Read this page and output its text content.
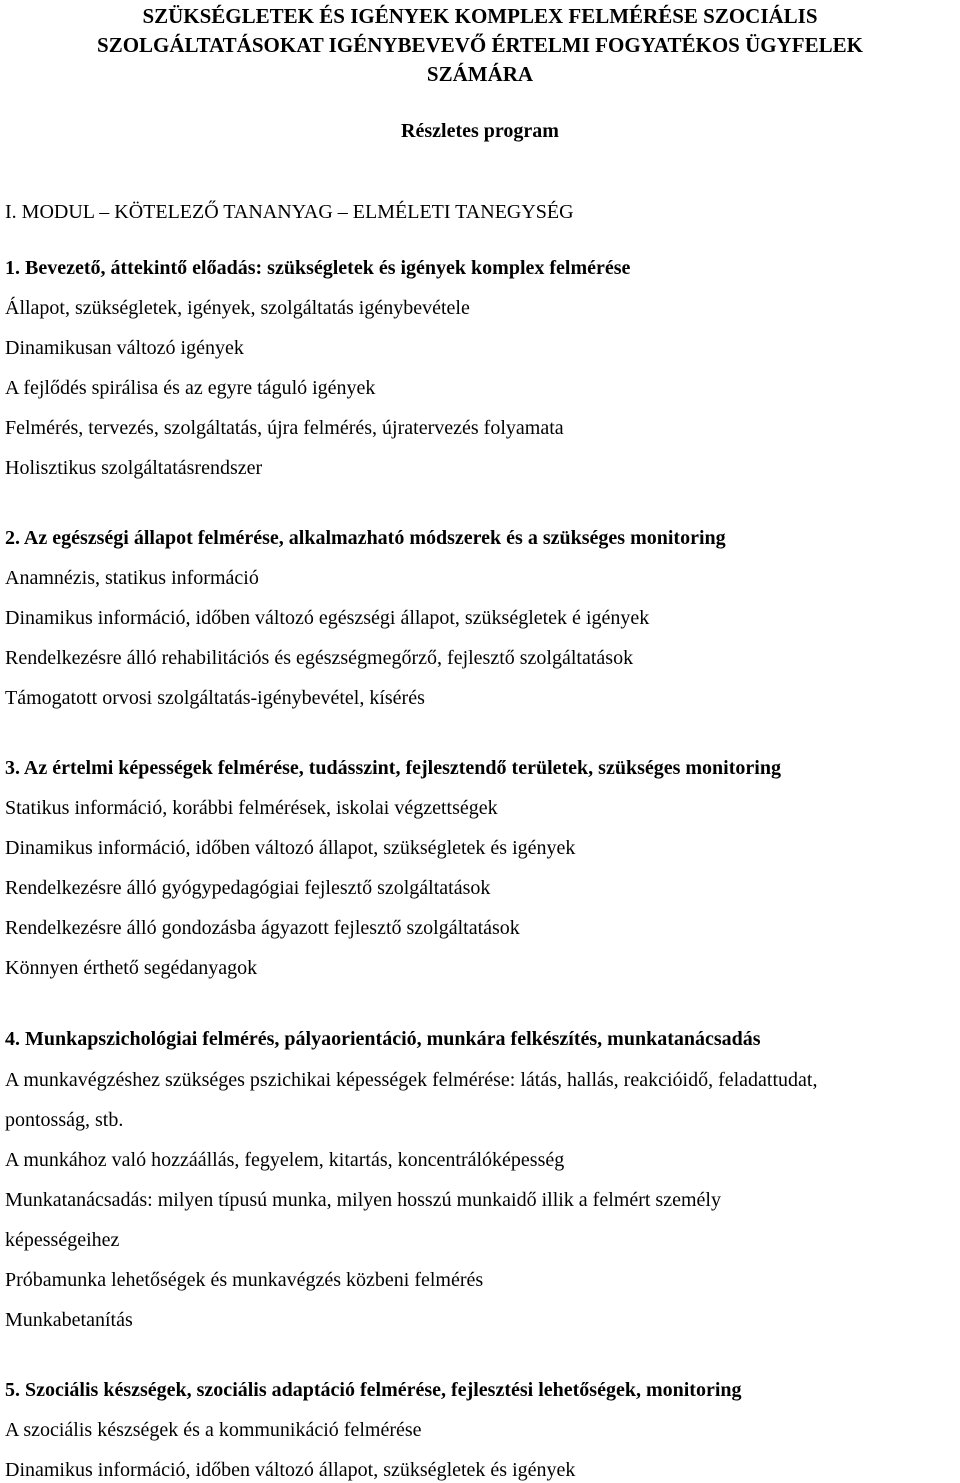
SZÜKSÉGLETEK ÉS IGÉNYEK KOMPLEX FELMÉRÉSE SZOCIÁLIS
SZOLGÁLTATÁSOKAT IGÉNYBEVEVŐ ÉRTELMI FOGYATÉKOS ÜGYFELEK
SZÁMÁRA
Részletes program
I. MODUL – KÖTELEZŐ TANANYAG – ELMÉLETI TANEGYSÉG
1. Bevezető, áttekintő előadás: szükségletek és igények komplex felmérése
Állapot, szükségletek, igények, szolgáltatás igénybevétele
Dinamikusan változó igények
A fejlődés spirálisa és az egyre táguló igények
Felmérés, tervezés, szolgáltatás, újra felmérés, újratervezés folyamata
Holisztikus szolgáltatásrendszer
2. Az egészségi állapot felmérése, alkalmazható módszerek és a szükséges monitoring
Anamnézis, statikus információ
Dinamikus információ, időben változó egészségi állapot, szükségletek é igények
Rendelkezésre álló rehabilitációs és egészségmegőrző, fejlesztő szolgáltatások
Támogatott orvosi szolgáltatás-igénybevétel, kísérés
3. Az értelmi képességek felmérése, tudásszint, fejlesztendő területek, szükséges monitoring
Statikus információ, korábbi felmérések, iskolai végzettségek
Dinamikus információ, időben változó állapot, szükségletek és igények
Rendelkezésre álló gyógypedagógiai fejlesztő szolgáltatások
Rendelkezésre álló gondozásba ágyazott fejlesztő szolgáltatások
Könnyen érthető segédanyagok
4. Munkapszichológiai felmérés, pályaorientáció, munkára felkészítés, munkatanácsadás
A munkavégzéshez szükséges pszichikai képességek felmérése: látás, hallás, reakcióidő, feladattudat,
pontosság, stb.
A munkához való hozzáállás, fegyelem, kitartás, koncentrálóképesség
Munkatanácsadás: milyen típusú munka, milyen hosszú munkaidő illik a felmért személy
képességeihez
Próbamunka lehetőségek és munkavégzés közbeni felmérés
Munkabetanítás
5. Szociális készségek, szociális adaptáció felmérése, fejlesztési lehetőségek, monitoring
A szociális készségek és a kommunikáció felmérése
Dinamikus információ, időben változó állapot, szükségletek és igények
